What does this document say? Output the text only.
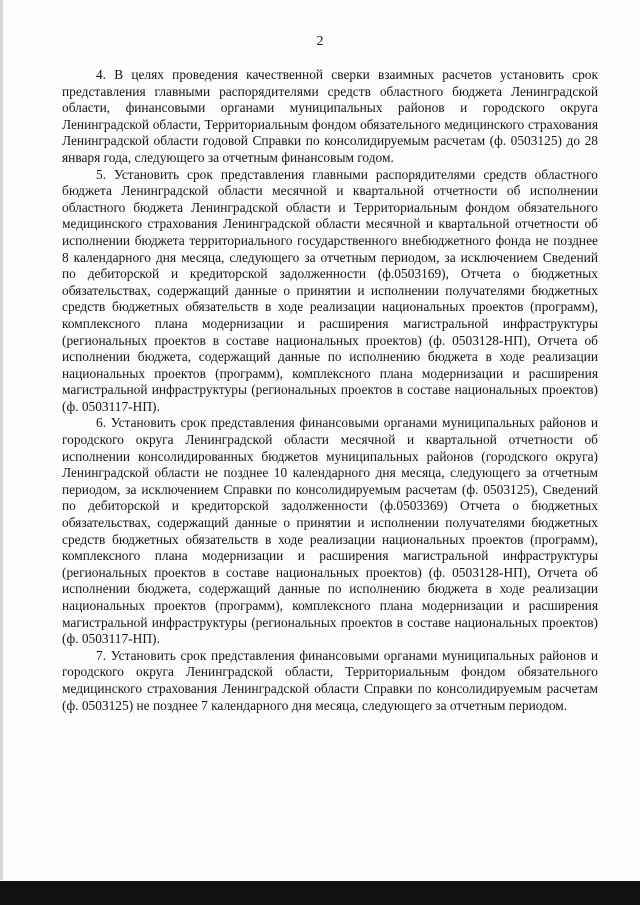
2

4. В целях проведения качественной сверки взаимных расчетов установить срок представления главными распорядителями средств областного бюджета Ленинградской области, финансовыми органами муниципальных районов и городского округа Ленинградской области, Территориальным фондом обязательного медицинского страхования Ленинградской области годовой Справки по консолидируемым расчетам (ф. 0503125) до 28 января года, следующего за отчетным финансовым годом.

5. Установить срок представления главными распорядителями средств областного бюджета Ленинградской области месячной и квартальной отчетности об исполнении областного бюджета Ленинградской области и Территориальным фондом обязательного медицинского страхования Ленинградской области месячной и квартальной отчетности об исполнении бюджета территориального государственного внебюджетного фонда не позднее 8 календарного дня месяца, следующего за отчетным периодом, за исключением Сведений по дебиторской и кредиторской задолженности (ф.0503169), Отчета о бюджетных обязательствах, содержащий данные о принятии и исполнении получателями бюджетных средств бюджетных обязательств в ходе реализации национальных проектов (программ), комплексного плана модернизации и расширения магистральной инфраструктуры (региональных проектов в составе национальных проектов) (ф. 0503128-НП), Отчета об исполнении бюджета, содержащий данные по исполнению бюджета в ходе реализации национальных проектов (программ), комплексного плана модернизации и расширения магистральной инфраструктуры (региональных проектов в составе национальных проектов) (ф. 0503117-НП).

6. Установить срок представления финансовыми органами муниципальных районов и городского округа Ленинградской области месячной и квартальной отчетности об исполнении консолидированных бюджетов муниципальных районов (городского округа) Ленинградской области не позднее 10 календарного дня месяца, следующего за отчетным периодом, за исключением Справки по консолидируемым расчетам (ф. 0503125), Сведений по дебиторской и кредиторской задолженности (ф.0503369) Отчета о бюджетных обязательствах, содержащий данные о принятии и исполнении получателями бюджетных средств бюджетных обязательств в ходе реализации национальных проектов (программ), комплексного плана модернизации и расширения магистральной инфраструктуры (региональных проектов в составе национальных проектов) (ф. 0503128-НП), Отчета об исполнении бюджета, содержащий данные по исполнению бюджета в ходе реализации национальных проектов (программ), комплексного плана модернизации и расширения магистральной инфраструктуры (региональных проектов в составе национальных проектов) (ф. 0503117-НП).

7. Установить срок представления финансовыми органами муниципальных районов и городского округа Ленинградской области, Территориальным фондом обязательного медицинского страхования Ленинградской области Справки по консолидируемым расчетам (ф. 0503125) не позднее 7 календарного дня месяца, следующего за отчетным периодом.
